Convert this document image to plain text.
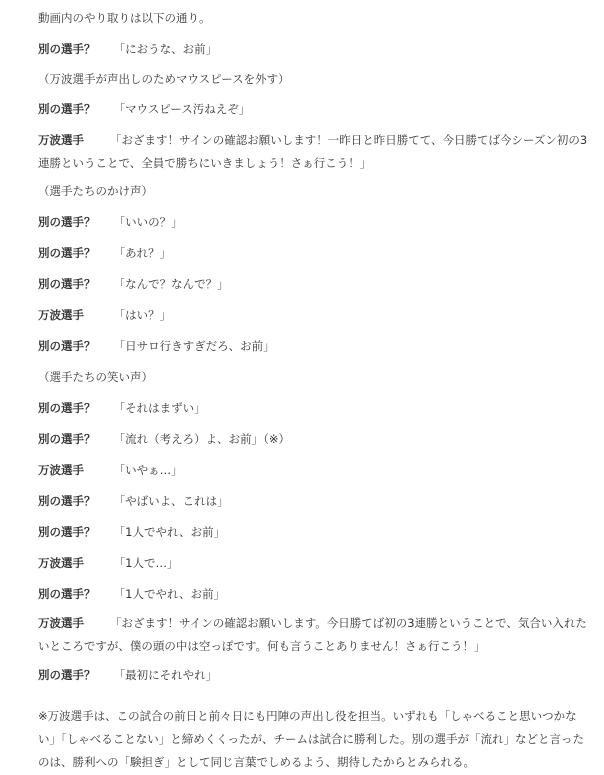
動画内のやり取りは以下の通り。

別の選手？ 「におうな、お前」
（万波選手が声出しのためマウスピースを外す）
別の選手？ 「マウスピース汚ねえぞ」
万波選手 「おざます！サインの確認お願いします！一昨日と昨日勝てて、今日勝てば今シーズン初の3連勝ということで、全員で勝ちにいきましょう！さぁ行こう！」
（選手たちのかけ声）
別の選手？ 「いいの？」
別の選手？ 「あれ？」
別の選手？ 「なんで？なんで？」
万波選手	「はい？」
別の選手？ 「日サロ行きすぎだろ、お前」
（選手たちの笑い声）
別の選手？ 「それはまずい」
別の選手？ 「流れ（考えろ）よ、お前」（※）
万波選手	「いやぁ…」
別の選手？ 「やばいよ、これは」
別の選手？ 「1人でやれ、お前」
万波選手	「1人で…」
別の選手？ 「1人でやれ、お前」
万波選手 「おざます！サインの確認お願いします。今日勝てば初の3連勝ということで、気合い入れたいところですが、僕の頭の中は空っぽです。何も言うことありません！さぁ行こう！」
別の選手？ 「最初にそれやれ」

※万波選手は、この試合の前日と前々日にも円陣の声出し役を担当。いずれも「しゃべること思いつかない」「しゃべることない」と締めくくったが、チームは試合に勝利した。別の選手が「流れ」などと言ったのは、勝利への「験担ぎ」として同じ言葉でしめるよう、期待したからとみられる。
